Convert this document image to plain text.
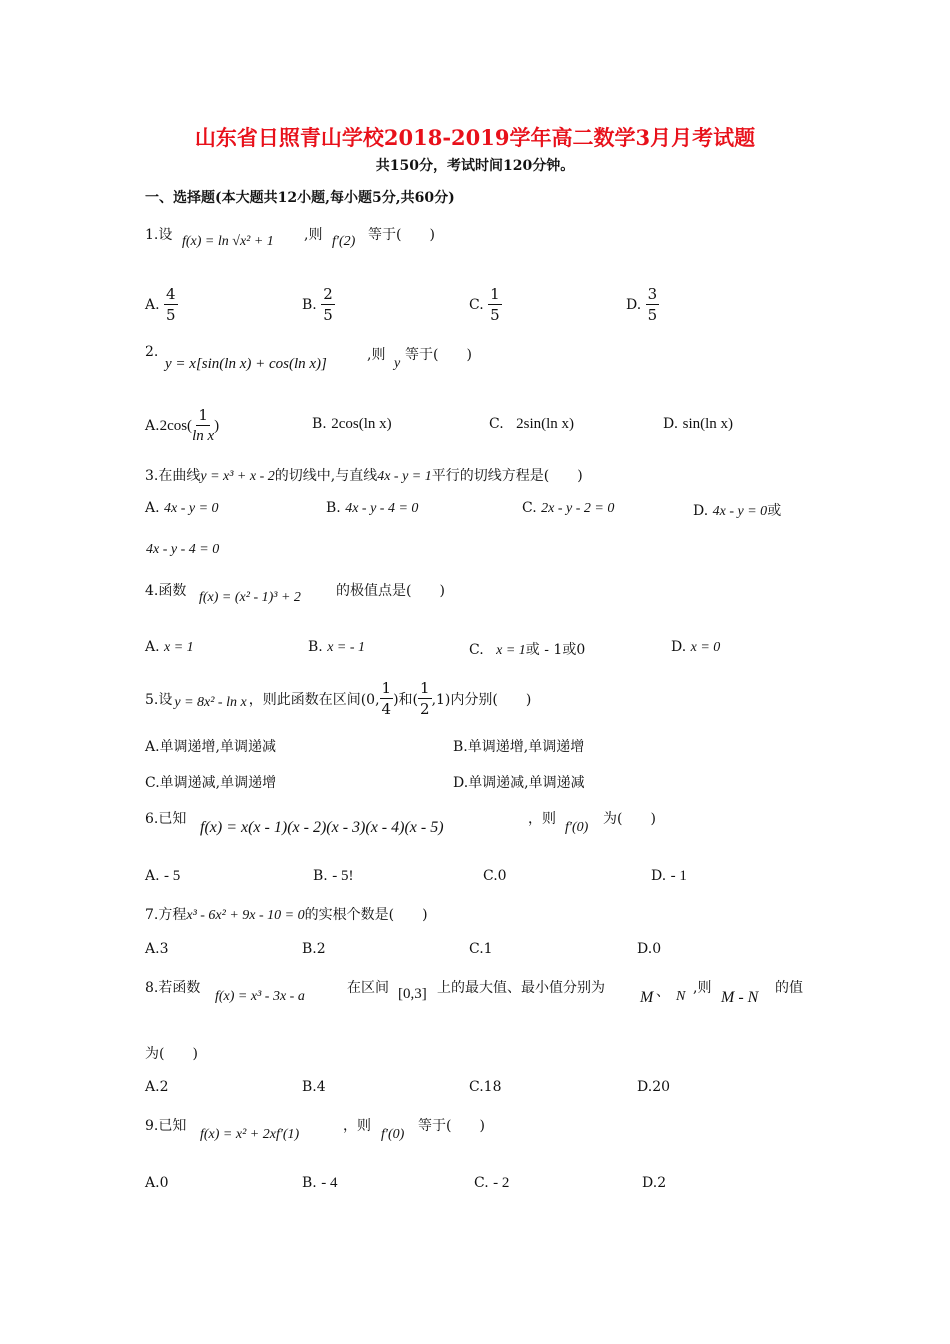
山东省日照青山学校2018-2019学年高二数学3月月考试题
共150分，考试时间120分钟。
一、选择题(本大题共12小题,每小题5分,共60分)
1.设 f(x) = ln √x² + 1 ,则 f′(2) 等于(　　)
A. $\frac{4}{5}$	B. $\frac{2}{5}$	C. $\frac{1}{5}$	D. $\frac{3}{5}$
2.
y = x[sin(ln x) + cos(ln x)]
,则
y
等于(　　)
$A.2\cos( \frac{1}{\text{ln x}}$ )	B. 2cos(ln x)	C. 2sin(ln x)	D. sin(ln x)
3.在曲线y = x³ + x - 2的切线中,与直线4x - y = 1平行的切线方程是(　　)
A. 4x - y = 0	B. 4x - y - 4 = 0	C. 2x - y - 2 = 0	D. 4x - y = 0或
4x - y - 4 = 0
4.函数 f(x) = (x² - 1)³ + 2	的极值点是(　　)
A. x = 1	B. x = - 1	C. x = 1或 - 1或0	D. x = 0
5.设 y = 8x² - ln x ，则此函数在区间(0, $\frac{1}{4}$ )和( $\frac{1}{2} ,1$)内分别(　　)
A.单调递增,单调递减	B.单调递增,单调递增
C.单调递减,单调递增	D.单调递减,单调递减
6.已知 f(x) = x(x - 1)(x - 2)(x - 3)(x - 4)(x - 5)	，则
f′(0)
为(　　)
A. - 5	B. - 5!	C.0	D. - 1
7.方程x³ - 6x² + 9x - 10 = 0的实根个数是(　　)
A.3	B.2	C.1	D.0
8.若函数
f(x) = x³ - 3x - a
在区间 [0,3] 上的最大值、最小值分别为
M 、 N
,则
M - N
的值
为(　　)
A.2	B.4	C.18	D.20
9.已知
f(x) = x² + 2xf′(1)
，则
f′(0)
等于(　　)
A.0	B. - 4	C. - 2	D.2
